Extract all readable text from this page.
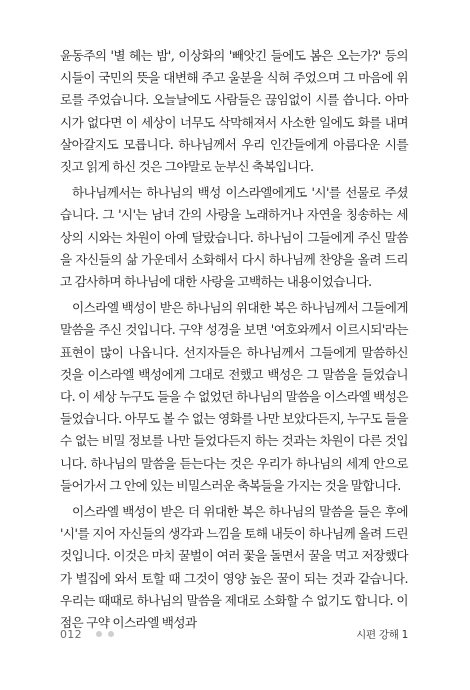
윤동주의 '별 헤는 밤', 이상화의 '빼앗긴 들에도 봄은 오는가?' 등의 시들이 국민의 뜻을 대변해 주고 울분을 식혀 주었으며 그 마음에 위로를 주었습니다. 오늘날에도 사람들은 끊임없이 시를 씁니다. 아마 시가 없다면 이 세상이 너무도 삭막해져서 사소한 일에도 화를 내며 살아갈지도 모릅니다. 하나님께서 우리 인간들에게 아름다운 시를 짓고 읽게 하신 것은 그야말로 눈부신 축복입니다.

하나님께서는 하나님의 백성 이스라엘에게도 '시'를 선물로 주셨습니다. 그 '시'는 남녀 간의 사랑을 노래하거나 자연을 칭송하는 세상의 시와는 차원이 아예 달랐습니다. 하나님이 그들에게 주신 말씀을 자신들의 삶 가운데서 소화해서 다시 하나님께 찬양을 올려 드리고 감사하며 하나님에 대한 사랑을 고백하는 내용이었습니다.

이스라엘 백성이 받은 하나님의 위대한 복은 하나님께서 그들에게 말씀을 주신 것입니다. 구약 성경을 보면 '여호와께서 이르시되'라는 표현이 많이 나옵니다. 선지자들은 하나님께서 그들에게 말씀하신 것을 이스라엘 백성에게 그대로 전했고 백성은 그 말씀을 들었습니다. 이 세상 누구도 들을 수 없었던 하나님의 말씀을 이스라엘 백성은 들었습니다. 아무도 볼 수 없는 영화를 나만 보았다든지, 누구도 들을 수 없는 비밀 정보를 나만 들었다든지 하는 것과는 차원이 다른 것입니다. 하나님의 말씀을 듣는다는 것은 우리가 하나님의 세계 안으로 들어가서 그 안에 있는 비밀스러운 축복들을 가지는 것을 말합니다.

이스라엘 백성이 받은 더 위대한 복은 하나님의 말씀을 들은 후에 '시'를 지어 자신들의 생각과 느낌을 토해 내듯이 하나님께 올려 드린 것입니다. 이것은 마치 꿀벌이 여러 꽃을 돌면서 꿀을 먹고 저장했다가 벌집에 와서 토할 때 그것이 영양 높은 꿀이 되는 것과 같습니다. 우리는 때때로 하나님의 말씀을 제대로 소화할 수 없기도 합니다. 이 점은 구약 이스라엘 백성과

012	시편 강해 1
